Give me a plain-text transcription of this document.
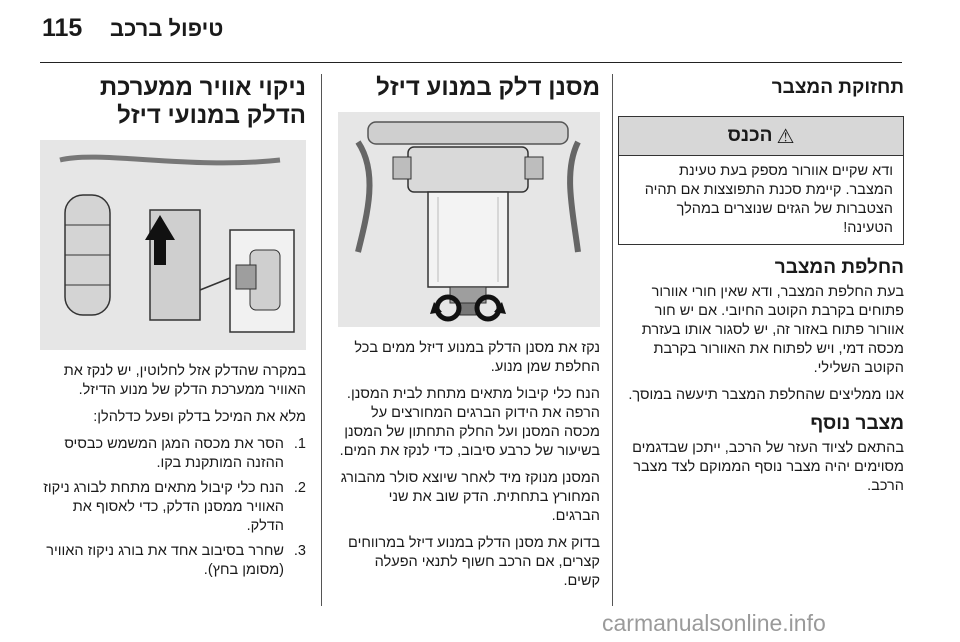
115 טיפול ברכב
תחזוקת המצבר
⚠
הכנס

ודא שקיים אוורור מספק בעת טעינת המצבר. קיימת סכנת התפוצצות אם תהיה הצטברות של הגזים שנוצרים במהלך הטעינה!

החלפת המצבר

בעת החלפת המצבר, ודא שאין חורי אוורור פתוחים בקרבת הקוטב החיובי. אם יש חור אוורור פתוח באזור זה, יש לסגור אותו בעזרת מכסה דמי, ויש לפתוח את האוורור בקרבת הקוטב השלילי.

אנו ממליצים שהחלפת המצבר תיעשה במוסך.

מצבר נוסף

בהתאם לציוד העזר של הרכב, ייתכן שבדגמים מסוימים יהיה מצבר נוסף הממוקם לצד מצבר הרכב.

מסנן דלק במנוע דיזל

נקז את מסנן הדלק במנוע דיזל ממים בכל החלפת שמן מנוע.

הנח כלי קיבול מתאים מתחת לבית המסנן. הרפה את הידוק הברגים המחורצים על מכסה המסנן ועל החלק התחתון של המסנן בשיעור של כרבע סיבוב, כדי לנקז את המים.

המסנן מנוקז מיד לאחר שיוצא סולר מהבורג המחורץ בתחתית. הדק שוב את שני הברגים.

בדוק את מסנן הדלק במנוע דיזל במרווחים קצרים, אם הרכב חשוף לתנאי הפעלה קשים.

ניקוי אוויר ממערכת הדלק במנועי דיזל

במקרה שהדלק אזל לחלוטין, יש לנקז את האוויר ממערכת הדלק של מנוע הדיזל.

מלא את המיכל בדלק ופעל כדלהלן:

1.
הסר את מכסה המגן המשמש כבסיס ההזנה המותקנת בקו.
2.
הנח כלי קיבול מתאים מתחת לבורג ניקוז האוויר ממסנן הדלק, כדי לאסוף את הדלק.
3.
שחרר בסיבוב אחד את בורג ניקוז האוויר (מסומן בחץ).
carmanualsonline.info
